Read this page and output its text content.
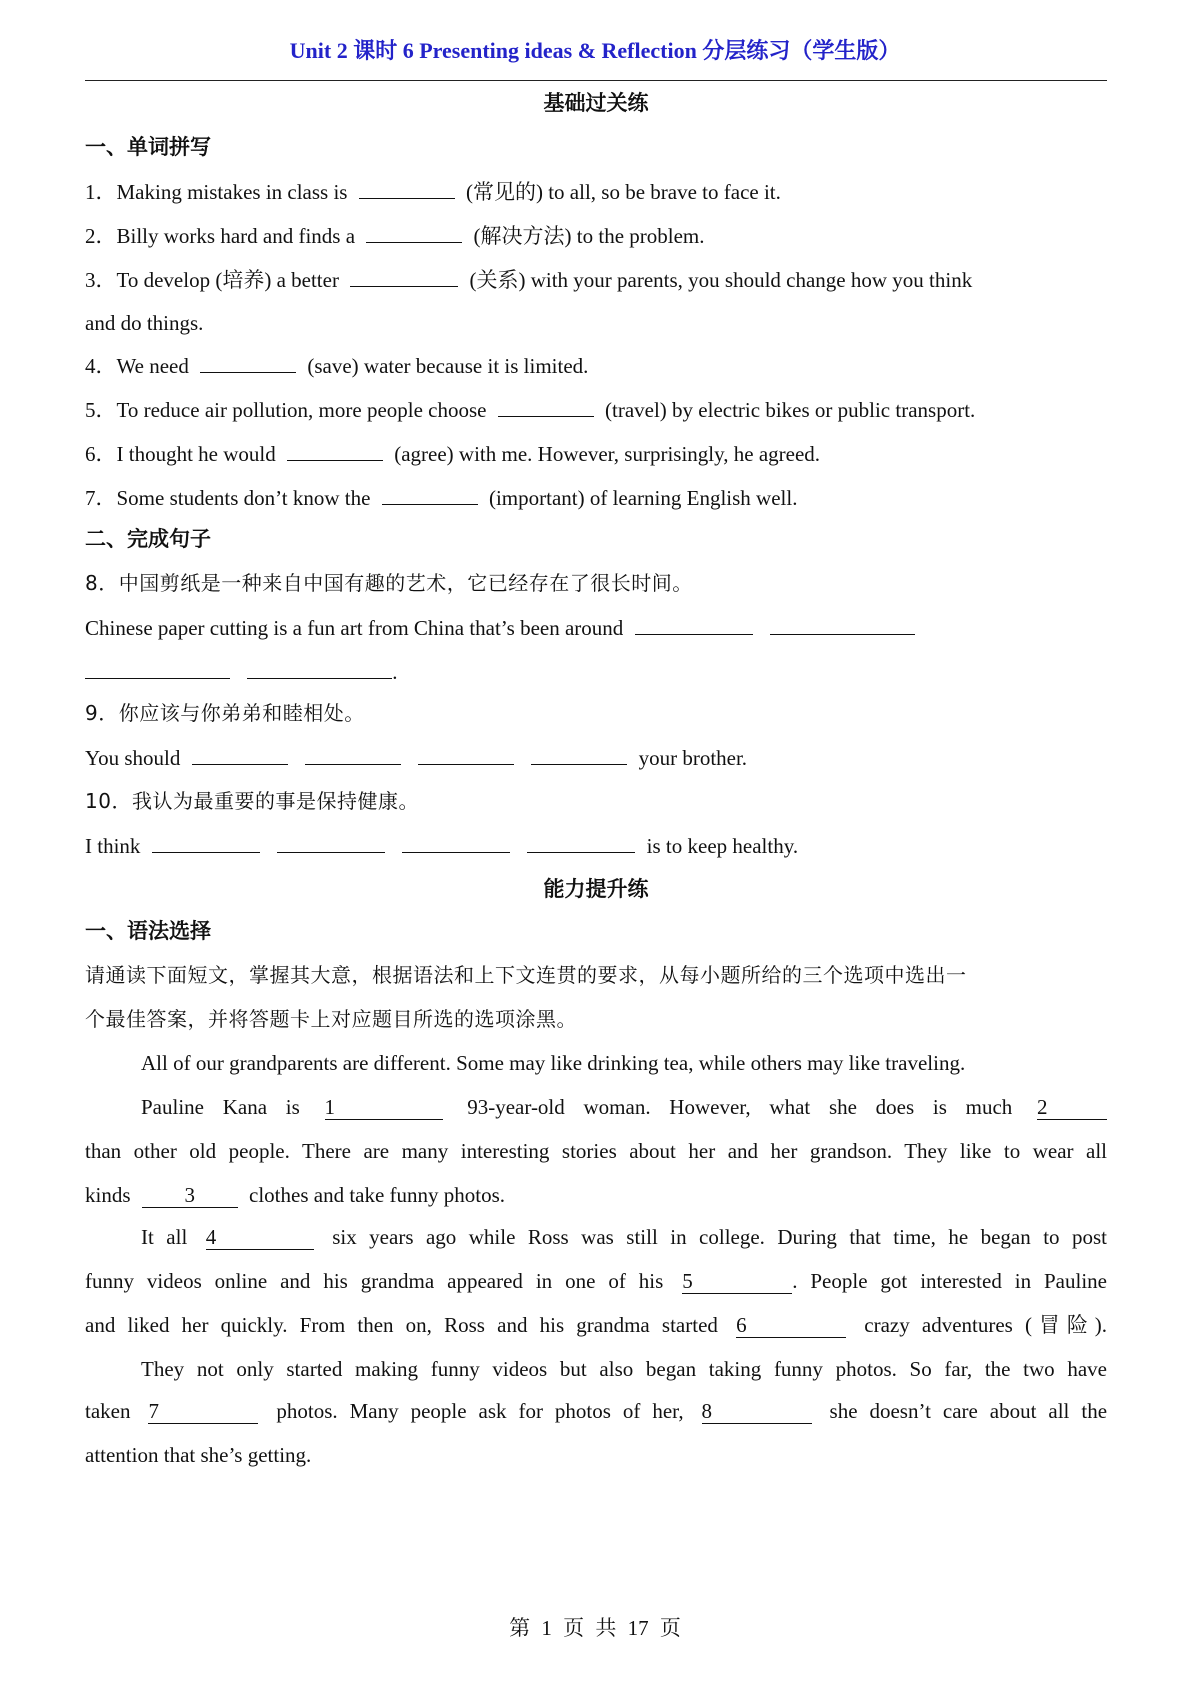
Unit 2 课时 6 Presenting ideas & Reflection 分层练习（学生版）
基础过关练
一、单词拼写
1．Making mistakes in class is	(常见的) to all, so be brave to face it.
2．Billy works hard and finds a	(解决方法) to the problem.
3．To develop (培养) a better	(关系) with your parents, you should change how you think
and do things.
4．We need	(save) water because it is limited.
5．To reduce air pollution, more people choose	(travel) by electric bikes or public transport.
6．I thought he would	(agree) with me. However, surprisingly, he agreed.
7．Some students don’t know the	(important) of learning English well.
二、完成句子
8．中国剪纸是一种来自中国有趣的艺术，它已经存在了很长时间。
Chinese paper cutting is a fun art from China that’s been around
.
9．你应该与你弟弟和睦相处。
You should	your brother.
10．我认为最重要的事是保持健康。
I think	is to keep healthy.
能力提升练
一、语法选择
请通读下面短文，掌握其大意，根据语法和上下文连贯的要求，从每小题所给的三个选项中选出一
个最佳答案，并将答题卡上对应题目所选的选项涂黑。
All of our grandparents are different. Some may like drinking tea, while others may like traveling.
Pauline Kana is 1	93-year-old woman. However, what she does is much 2
than other old people. There are many interesting stories about her and her grandson. They like to wear all
kinds	3	clothes and take funny photos.
It all 4	six years ago while Ross was still in college. During that time, he began to post
funny videos online and his grandma appeared in one of his 5	. People got interested in Pauline
and liked her quickly. From then on, Ross and his grandma started 6	crazy adventures (冒险).
They not only started making funny videos but also began taking funny photos. So far, the two have
taken 7	photos. Many people ask for photos of her, 8	she doesn’t care about all the
attention that she’s getting.
第 1 页 共 17 页
